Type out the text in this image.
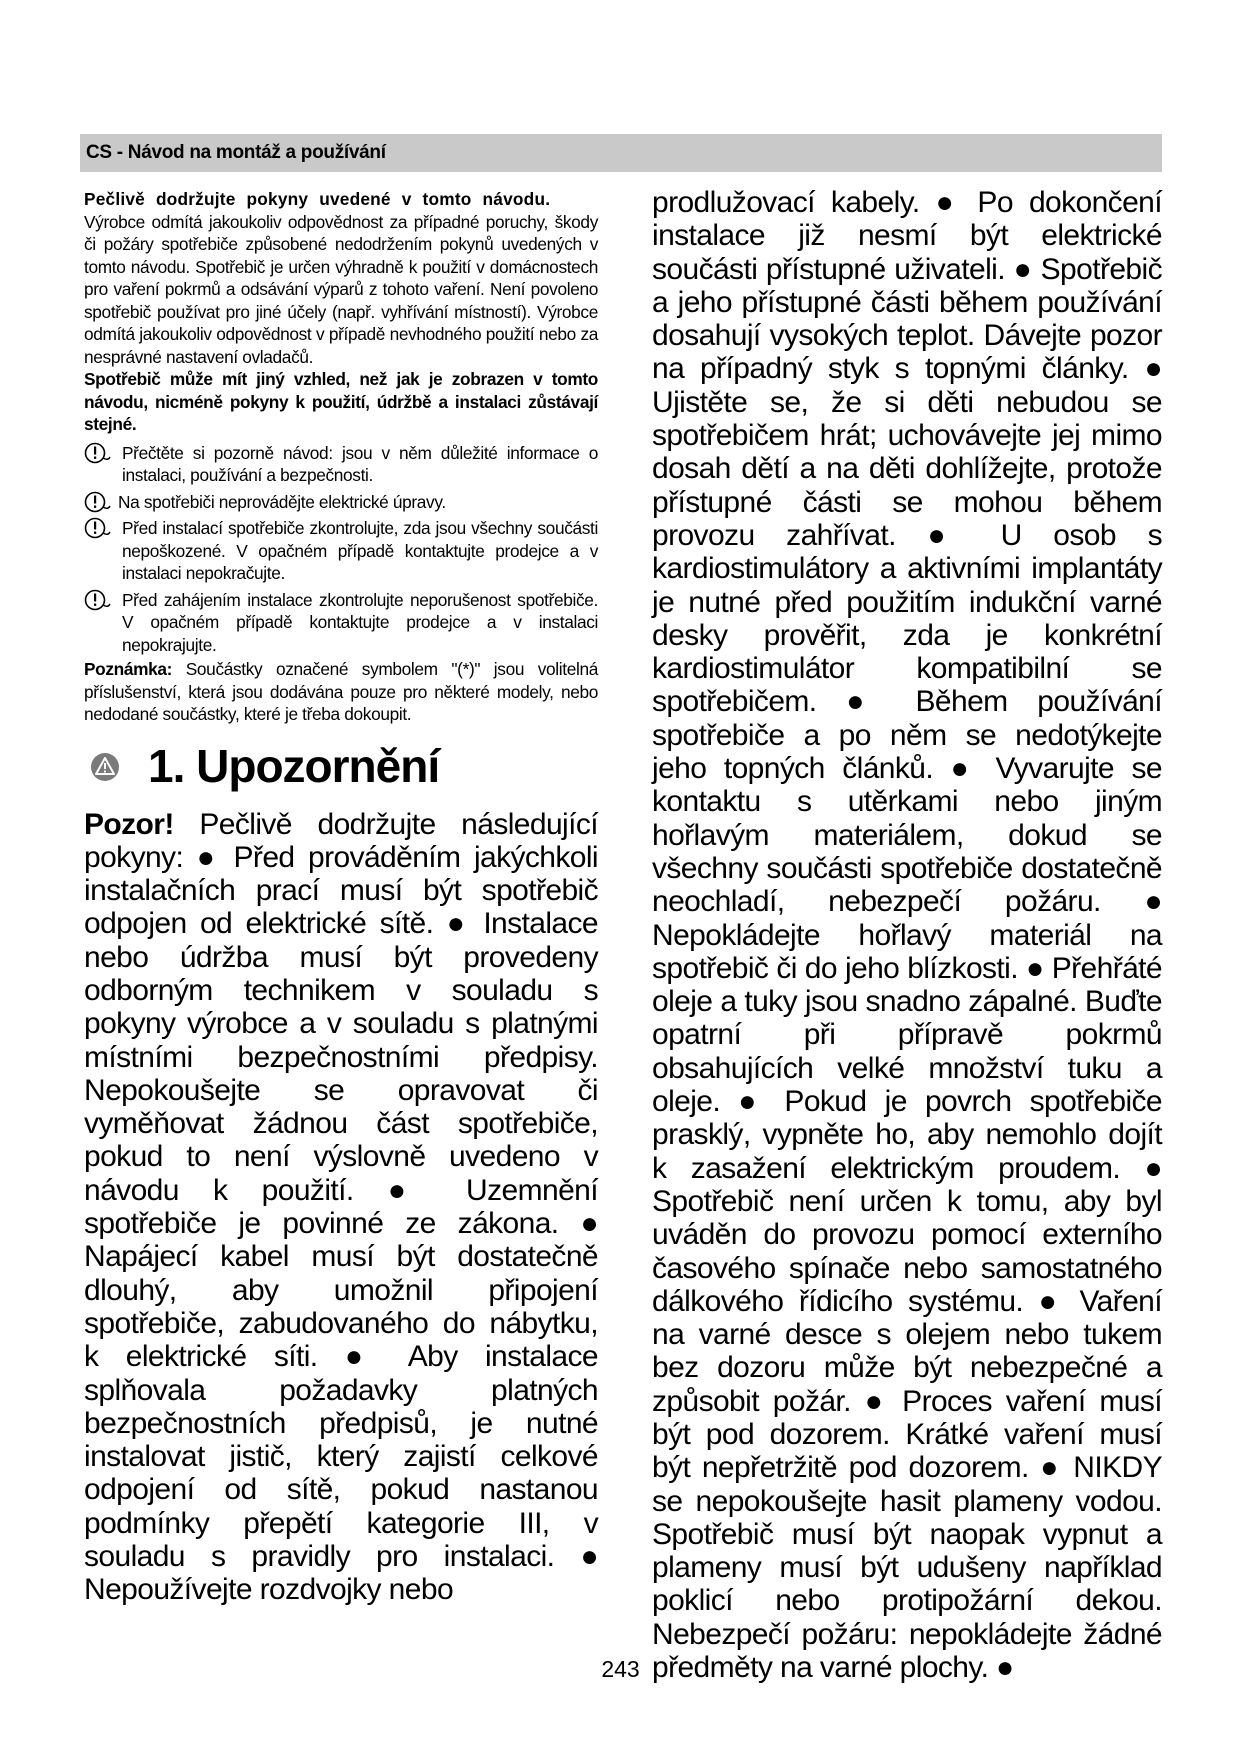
CS - Návod na montáž a používání

Pečlivě dodržujte pokyny uvedené v tomto návodu.

Výrobce odmítá jakoukoliv odpovědnost za případné poruchy, škody či požáry spotřebiče způsobené nedodržením pokynů uvedených v tomto návodu. Spotřebič je určen výhradně k použití v domácnostech pro vaření pokrmů a odsávání výparů z tohoto vaření. Není povoleno spotřebič používat pro jiné účely (např. vyhřívání místností). Výrobce odmítá jakoukoliv odpovědnost v případě nevhodného použití nebo za nesprávné nastavení ovladačů.

Spotřebič může mít jiný vzhled, než jak je zobrazen v tomto návodu, nicméně pokyny k použití, údržbě a instalaci zůstávají stejné.

Přečtěte si pozorně návod: jsou v něm důležité informace o instalaci, používání a bezpečnosti.

Na spotřebiči neprovádějte elektrické úpravy.

Před instalací spotřebiče zkontrolujte, zda jsou všechny součásti nepoškozené. V opačném případě kontaktujte prodejce a v instalaci nepokračujte.

Před zahájením instalace zkontrolujte neporušenost spotřebiče. V opačném případě kontaktujte prodejce a v instalaci nepokrajujte.

Poznámka: Součástky označené symbolem "(*)" jsou volitelná příslušenství, která jsou dodávána pouze pro některé modely, nebo nedodané součástky, které je třeba dokoupit.

1. Upozornění

Pozor! Pečlivě dodržujte následující pokyny: ● Před prováděním jakýchkoli instalačních prací musí být spotřebič odpojen od elektrické sítě. ● Instalace nebo údržba musí být provedeny odborným technikem v souladu s pokyny výrobce a v souladu s platnými místními bezpečnostními předpisy. Nepokoušejte se opravovat či vyměňovat žádnou část spotřebiče, pokud to není výslovně uvedeno v návodu k použití. ● Uzemnění spotřebiče je povinné ze zákona. ● Napájecí kabel musí být dostatečně dlouhý, aby umožnil připojení spotřebiče, zabudovaného do nábytku, k elektrické síti. ● Aby instalace splňovala požadavky platných bezpečnostních předpisů, je nutné instalovat jistič, který zajistí celkové odpojení od sítě, pokud nastanou podmínky přepětí kategorie III, v souladu s pravidly pro instalaci. ● Nepoužívejte rozdvojky nebo

prodlužovací kabely. ● Po dokončení instalace již nesmí být elektrické součásti přístupné uživateli. ● Spotřebič a jeho přístupné části během používání dosahují vysokých teplot. Dávejte pozor na případný styk s topnými články. ● Ujistěte se, že si děti nebudou se spotřebičem hrát; uchovávejte jej mimo dosah dětí a na děti dohlížejte, protože přístupné části se mohou během provozu zahřívat. ● U osob s kardiostimulátory a aktivními implantáty je nutné před použitím indukční varné desky prověřit, zda je konkrétní kardiostimulátor kompatibilní se spotřebičem. ● Během používání spotřebiče a po něm se nedotýkejte jeho topných článků. ● Vyvarujte se kontaktu s utěrkami nebo jiným hořlavým materiálem, dokud se všechny součásti spotřebiče dostatečně neochladí, nebezpečí požáru. ● Nepokládejte hořlavý materiál na spotřebič či do jeho blízkosti. ● Přehřáté oleje a tuky jsou snadno zápalné. Buďte opatrní při přípravě pokrmů obsahujících velké množství tuku a oleje. ● Pokud je povrch spotřebiče prasklý, vypněte ho, aby nemohlo dojít k zasažení elektrickým proudem. ● Spotřebič není určen k tomu, aby byl uváděn do provozu pomocí externího časového spínače nebo samostatného dálkového řídicího systému. ● Vaření na varné desce s olejem nebo tukem bez dozoru může být nebezpečné a způsobit požár. ● Proces vaření musí být pod dozorem. Krátké vaření musí být nepřetržitě pod dozorem. ● NIKDY se nepokoušejte hasit plameny vodou. Spotřebič musí být naopak vypnut a plameny musí být udušeny například poklicí nebo protipožární dekou. Nebezpečí požáru: nepokládejte žádné předměty na varné plochy. ●

243
